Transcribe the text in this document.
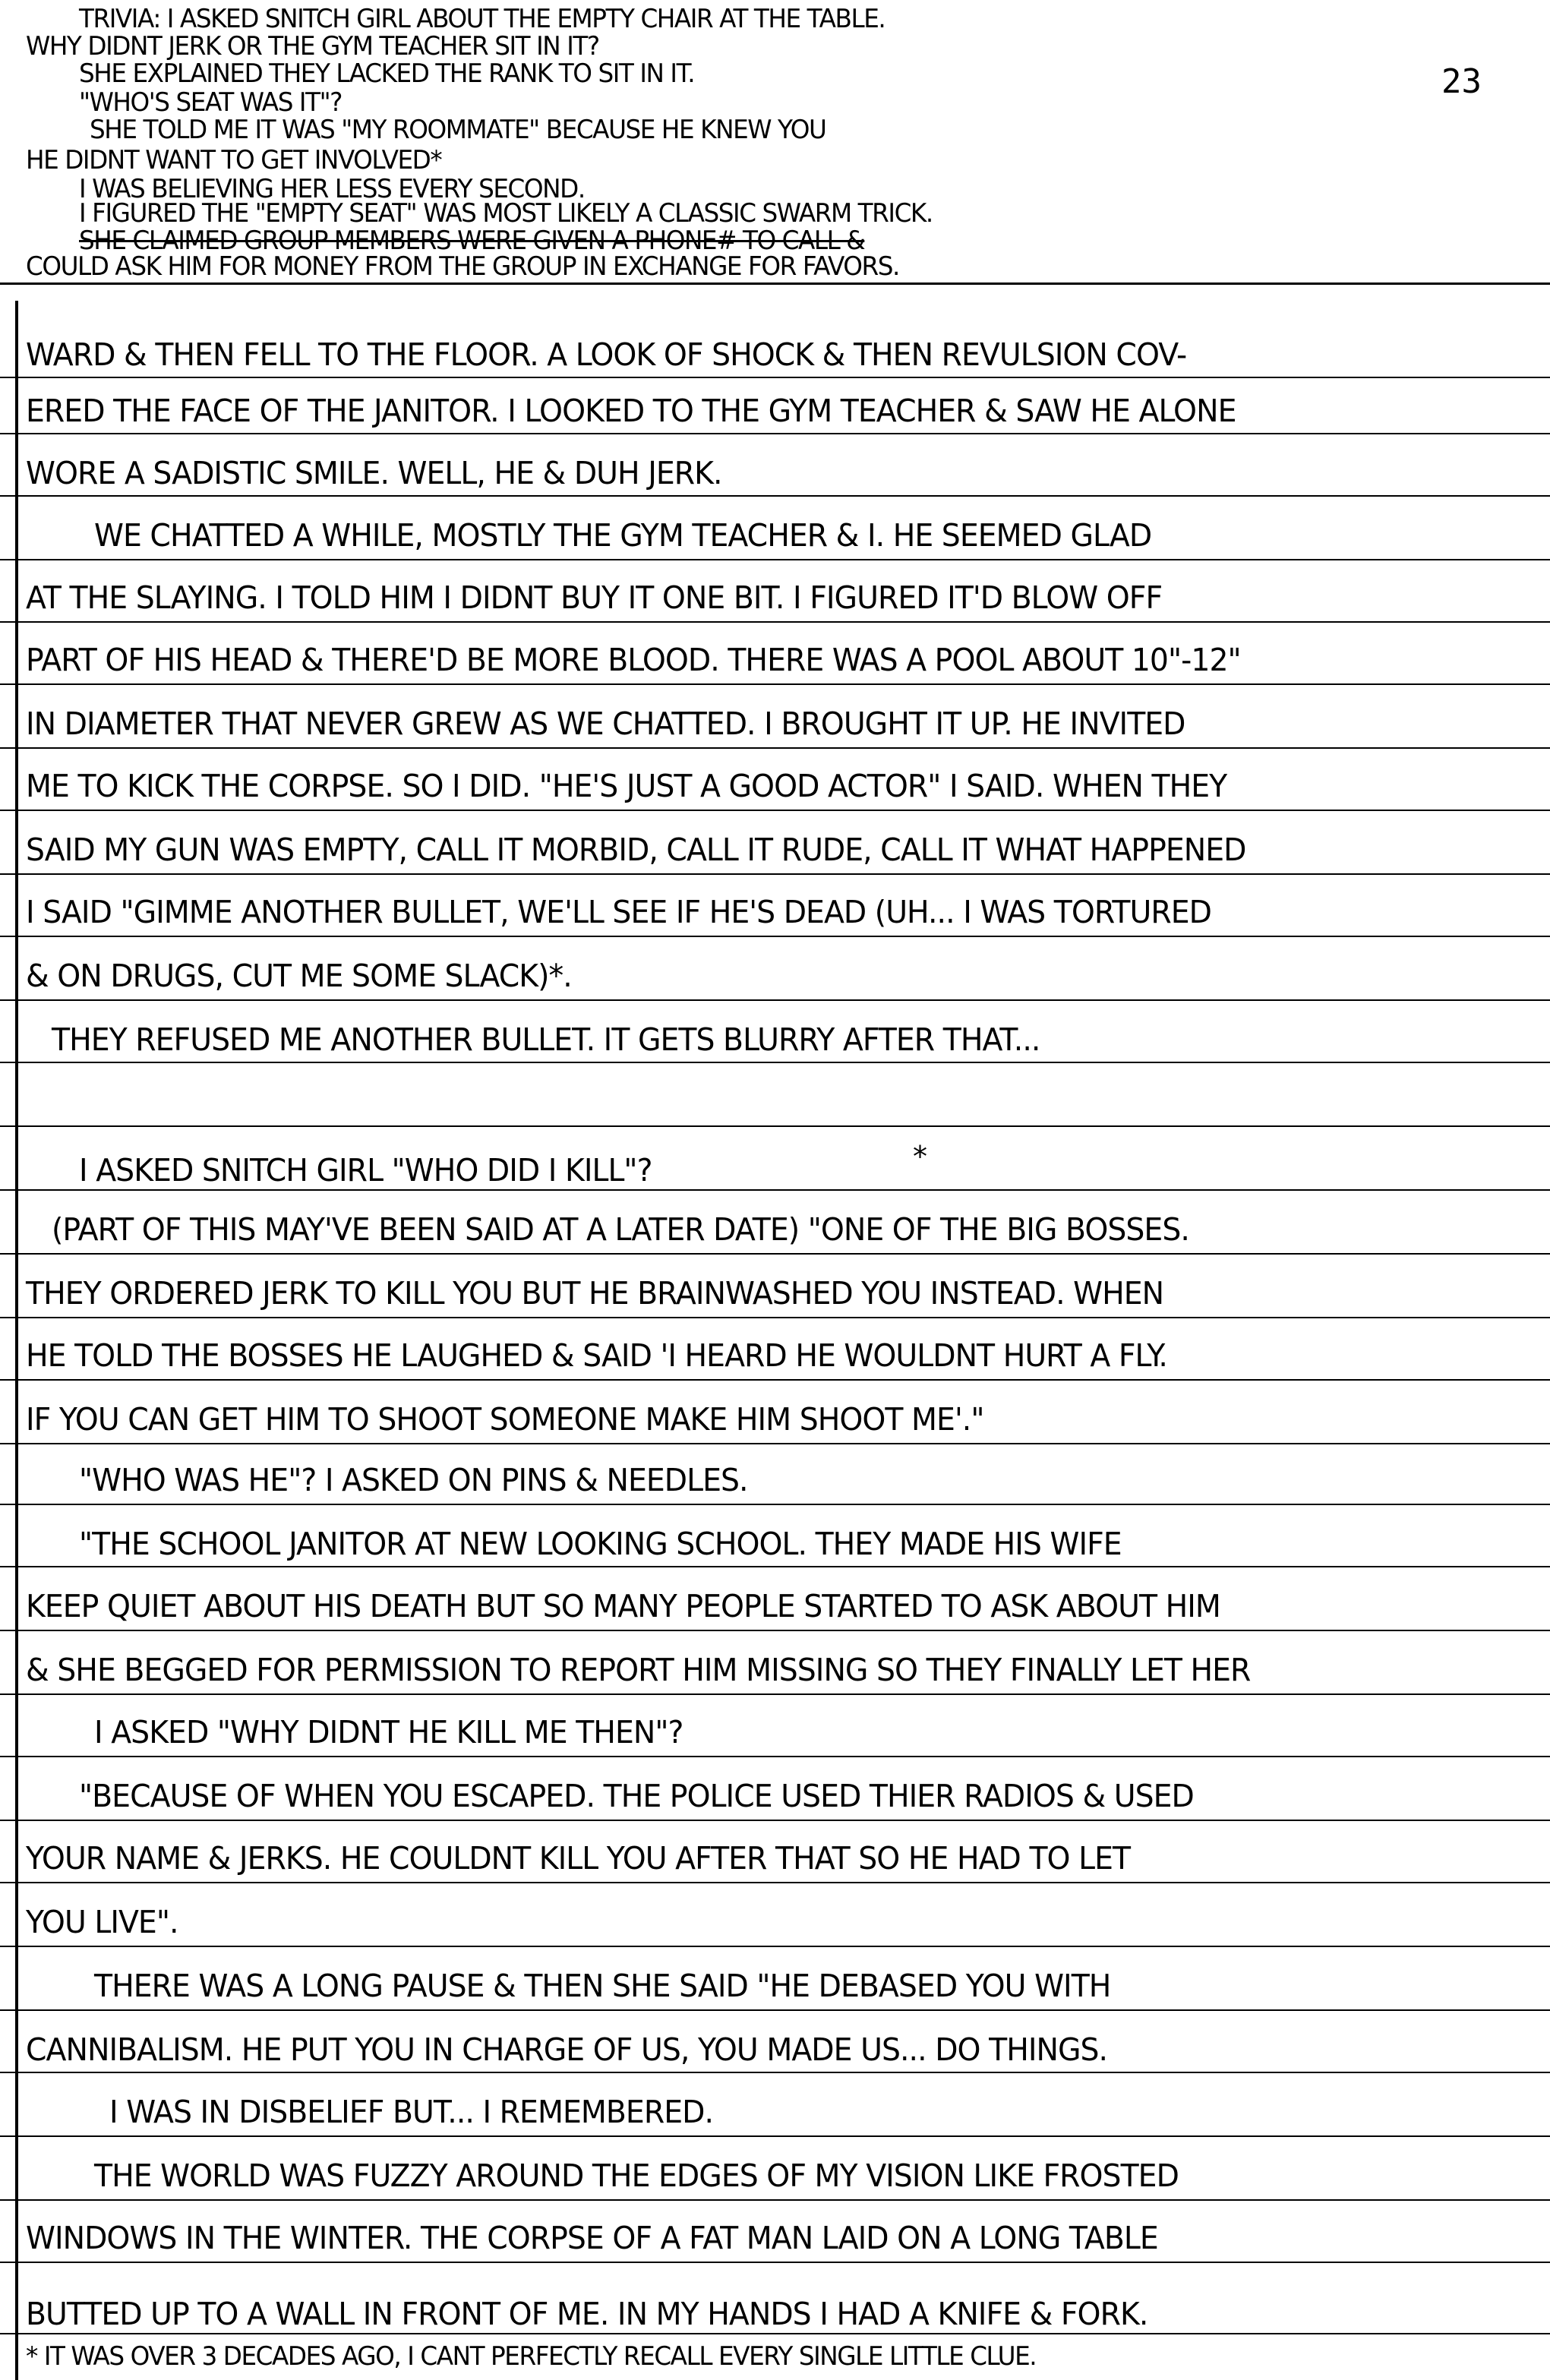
TRIVIA: I ASKED SNITCH GIRL ABOUT THE EMPTY CHAIR AT THE TABLE.
WHY DIDNT JERK OR THE GYM TEACHER SIT IN IT?
SHE EXPLAINED THEY LACKED THE RANK TO SIT IN IT.	23
"WHO'S SEAT WAS IT"?
SHE TOLD ME IT WAS "MY ROOMMATE" BECAUSE HE KNEW YOU
HE DIDNT WANT TO GET INVOLVED*
I WAS BELIEVING HER LESS EVERY SECOND.
I FIGURED THE "EMPTY SEAT" WAS MOST LIKELY A CLASSIC SWARM TRICK.
SHE CLAIMED GROUP MEMBERS WERE GIVEN A PHONE# TO CALL &
COULD ASK HIM FOR MONEY FROM THE GROUP IN EXCHANGE FOR FAVORS.
WARD & THEN FELL TO THE FLOOR. A LOOK OF SHOCK & THEN REVULSION COV-
ERED THE FACE OF THE JANITOR. I LOOKED TO THE GYM TEACHER & SAW HE ALONE
WORE A SADISTIC SMILE. WELL, HE & DUH JERK.
WE CHATTED A WHILE, MOSTLY THE GYM TEACHER & I. HE SEEMED GLAD
AT THE SLAYING. I TOLD HIM I DIDNT BUY IT ONE BIT. I FIGURED IT'D BLOW OFF
PART OF HIS HEAD & THERE'D BE MORE BLOOD. THERE WAS A POOL ABOUT 10"-12"
IN DIAMETER THAT NEVER GREW AS WE CHATTED. I BROUGHT IT UP. HE INVITED
ME TO KICK THE CORPSE. SO I DID. "HE'S JUST A GOOD ACTOR" I SAID. WHEN THEY
SAID MY GUN WAS EMPTY, CALL IT MORBID, CALL IT RUDE, CALL IT WHAT HAPPENED
I SAID "GIMME ANOTHER BULLET, WE'LL SEE IF HE'S DEAD (UH... I WAS TORTURED
& ON DRUGS, CUT ME SOME SLACK)*.
THEY REFUSED ME ANOTHER BULLET. IT GETS BLURRY AFTER THAT...
I ASKED SNITCH GIRL "WHO DID I KILL"?	*
(PART OF THIS MAY'VE BEEN SAID AT A LATER DATE) "ONE OF THE BIG BOSSES.
THEY ORDERED JERK TO KILL YOU BUT HE BRAINWASHED YOU INSTEAD. WHEN
HE TOLD THE BOSSES HE LAUGHED & SAID 'I HEARD HE WOULDNT HURT A FLY.
IF YOU CAN GET HIM TO SHOOT SOMEONE MAKE HIM SHOOT ME'."
"WHO WAS HE"? I ASKED ON PINS & NEEDLES.
"THE SCHOOL JANITOR AT NEW LOOKING SCHOOL. THEY MADE HIS WIFE
KEEP QUIET ABOUT HIS DEATH BUT SO MANY PEOPLE STARTED TO ASK ABOUT HIM
& SHE BEGGED FOR PERMISSION TO REPORT HIM MISSING SO THEY FINALLY LET HER
I ASKED "WHY DIDNT HE KILL ME THEN"?
"BECAUSE OF WHEN YOU ESCAPED. THE POLICE USED THIER RADIOS & USED
YOUR NAME & JERKS. HE COULDNT KILL YOU AFTER THAT SO HE HAD TO LET
YOU LIVE".
THERE WAS A LONG PAUSE & THEN SHE SAID "HE DEBASED YOU WITH
CANNIBALISM. HE PUT YOU IN CHARGE OF US, YOU MADE US... DO THINGS.
I WAS IN DISBELIEF BUT... I REMEMBERED.
THE WORLD WAS FUZZY AROUND THE EDGES OF MY VISION LIKE FROSTED
WINDOWS IN THE WINTER. THE CORPSE OF A FAT MAN LAID ON A LONG TABLE
BUTTED UP TO A WALL IN FRONT OF ME. IN MY HANDS I HAD A KNIFE & FORK.
* IT WAS OVER 3 DECADES AGO, I CANT PERFECTLY RECALL EVERY SINGLE LITTLE CLUE.
